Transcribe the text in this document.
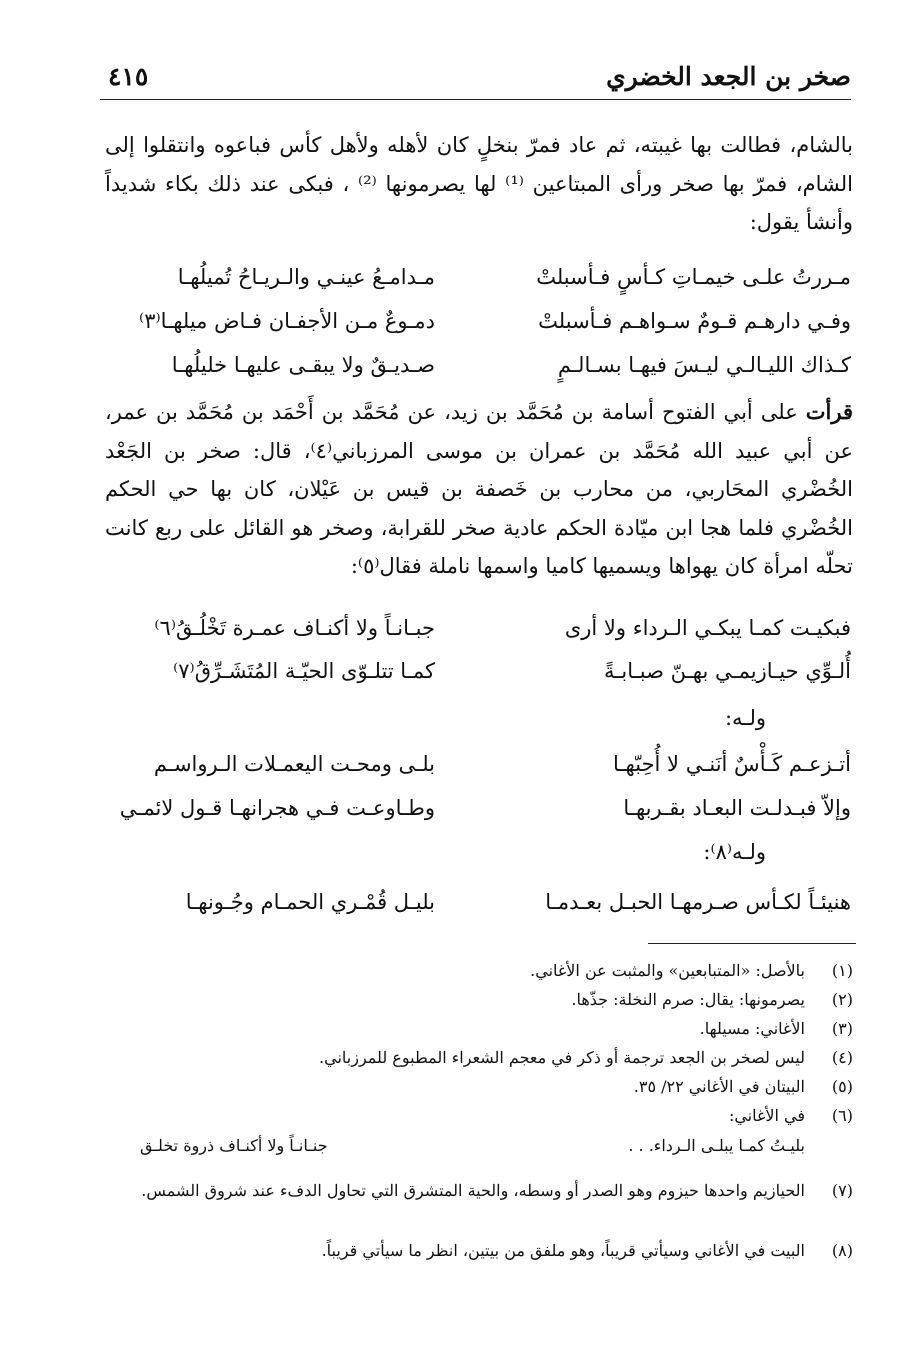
صخر بن الجعد الخضري
٤١٥

بالشام، فطالت بها غيبته، ثم عاد فمرّ بنخلٍ كان لأهله ولأهل كأس فباعوه وانتقلوا إلى الشام، فمرّ بها صخر ورأى المبتاعين ⁽¹⁾ لها يصرمونها ⁽²⁾ ، فبكى عند ذلك بكاء شديداً وأنشأ يقول:

مـررتُ علـى خيمـاتِ كـأسٍ فـأسبلتْ
مـدامـعُ عينـي والـريـاحُ تُميلُهـا
وفـي دارهـم قـومٌ سـواهـم فـأسبلتْ
دمـوعٌ مـن الأجفـان فـاض ميلهـا⁽٣⁾
كـذاك الليـالـي ليـسَ فيهـا بسـالـمٍ
صـديـقٌ ولا يبقـى عليهـا خليلُهـا

قرأت على أبي الفتوح أسامة بن مُحَمَّد بن زيد، عن مُحَمَّد بن أَحْمَد بن مُحَمَّد بن عمر، عن أبي عبيد الله مُحَمَّد بن عمران بن موسى المرزباني⁽٤⁾، قال: صخر بن الجَعْد الخُضْري المحَاربي، من محارب بن خَصفة بن قيس بن عَيْلان، كان بها حي الحكم الخُضْري فلما هجا ابن ميّادة الحكم عادية صخر للقرابة، وصخر هو القائل على ربع كانت تحلّه امرأة كان يهواها ويسميها كاميا واسمها ناملة فقال⁽٥⁾:

فبكيـت كمـا يبكـي الـرداء ولا أرى
جبـانـاً ولا أكنـاف عمـرة تَخْلُـقُ⁽٦⁾
أُلـوِّي حيـازيمـي بهـنّ صبـابـةً
كمـا تتلـوّى الحيّـة المُتَشَـرِّقُ⁽٧⁾
ولـه:
أتـزعـم كَـأْسٌ أنَنـي لا أُحِبّهـا
بلـى ومحـت اليعمـلات الـرواسـم
وإلاّ فبـدلـت البعـاد بقـربهـا
وطـاوعـت فـي هجرانهـا قـول لائمـي
ولـه⁽٨⁾:
هنيئـاً لكـأس صـرمهـا الحبـل بعـدمـا
بليـل قُمْـري الحمـام وجُـونهـا
(١)
بالأصل: «المتبابعين» والمثبت عن الأغاني.
(٢)
يصرمونها: يقال: صرم النخلة: جذّها.
(٣)
الأغاني: مسيلها.
(٤)
ليس لصخر بن الجعد ترجمة أو ذكر في معجم الشعراء المطبوع للمرزباني.
(٥)
البيتان في الأغاني ٢٢/ ٣٥.
(٦)
في الأغاني:
بليـتُ كمـا يبلـى الـرداء. . .
جنـانـاً ولا أكنـاف ذروة تخلـق
(٧)
الحيازيم واحدها حيزوم وهو الصدر أو وسطه، والحية المتشرق التي تحاول الدفء عند شروق الشمس.
(٨)
البيت في الأغاني وسيأتي قريباً، وهو ملفق من بيتين، انظر ما سيأتي قريباً.
